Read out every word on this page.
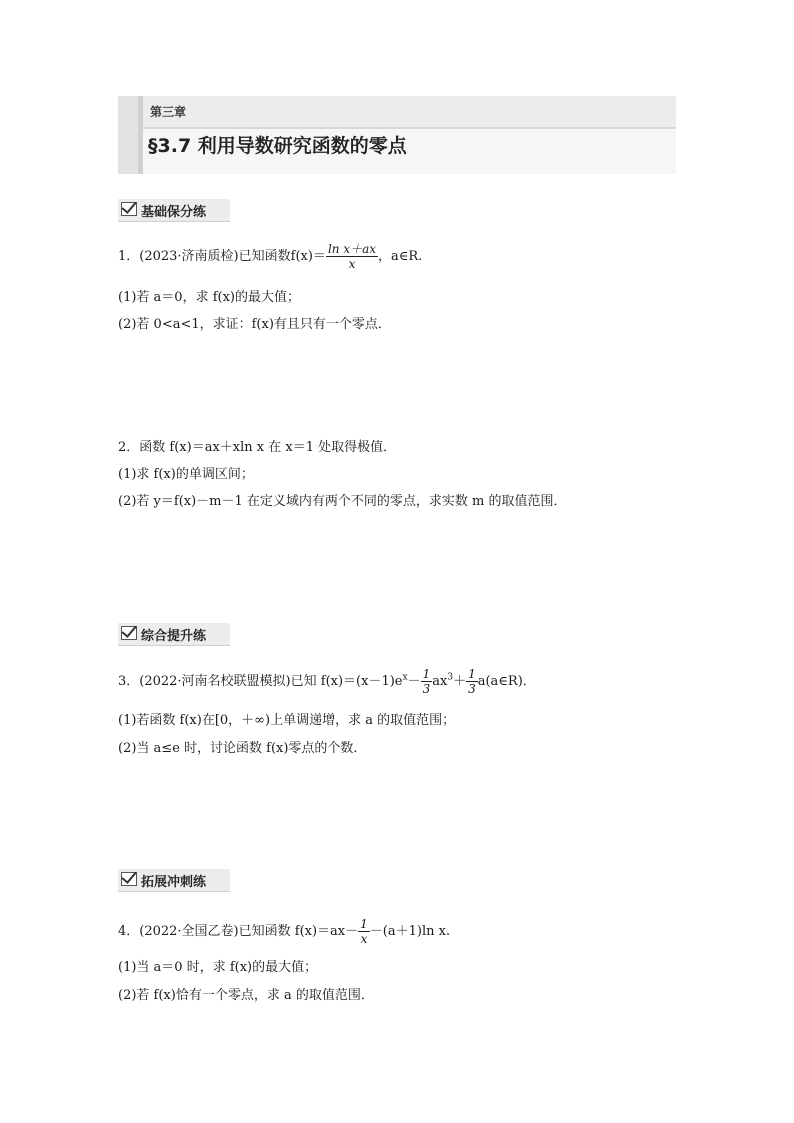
第三章
§3.7 利用导数研究函数的零点
基础保分练
1．(2023·济南质检)已知函数$f(x)= \frac{\text{ln x＋ax}}{x}$ ，a∈R.
(1)若 a＝0，求 f(x)的最大值；
(2)若 0<a<1，求证：f(x)有且只有一个零点．
2．函数 f(x)＝ax＋xln x 在 x＝1 处取得极值．
(1)求 f(x)的单调区间；
(2)若 y＝f(x)－m－1 在定义域内有两个不同的零点，求实数 m 的取值范围．
综合提升练
3．(2022·河南名校联盟模拟)已知 $f(x)=(x-1)e^x- \frac{1}{3} ax^3+ \frac{1}{3}$ a(a∈R)．
(1)若函数 f(x)在[0，＋∞)上单调递增，求 a 的取值范围；
(2)当 a≤e 时，讨论函数 f(x)零点的个数．
拓展冲刺练
4．(2022·全国乙卷)已知函数 $f(x)=ax- \frac{1}{x} -(a+1)\ln$ x.
(1)当 a＝0 时，求 f(x)的最大值；
(2)若 f(x)恰有一个零点，求 a 的取值范围．
